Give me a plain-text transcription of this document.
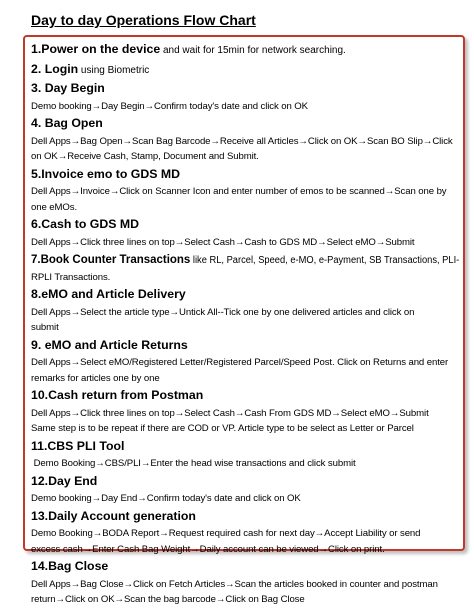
Day to day Operations Flow Chart
1.Power on the device and wait for 15min for network searching.
2. Login using Biometric
3. Day Begin
Demo booking→Day Begin→Confirm today's date and click on OK
4. Bag Open
Dell Apps→Bag Open→Scan Bag Barcode→Receive all Articles→Click on OK→Scan BO Slip→Click
on OK→Receive Cash, Stamp, Document and Submit.
5.Invoice emo to GDS MD
Dell Apps→Invoice→Click on Scanner Icon and enter number of emos to be scanned→Scan one by
one eMOs.
6.Cash to GDS MD
Dell Apps→Click three lines on top→Select Cash→Cash to GDS MD→Select eMO→Submit
7.Book Counter Transactions like RL, Parcel, Speed, e-MO, e-Payment, SB Transactions, PLI-
RPLI Transactions.
8.eMO and Article Delivery
Dell Apps→Select the article type→Untick All--Tick one by one delivered articles and click on
submit
9. eMO and Article Returns
Dell Apps→Select eMO/Registered Letter/Registered Parcel/Speed Post. Click on Returns and enter
remarks for articles one by one
10.Cash return from Postman
Dell Apps→Click three lines on top→Select Cash→Cash From GDS MD→Select eMO→Submit
Same step is to be repeat if there are COD or VP. Article type to be select as Letter or Parcel
11.CBS PLI Tool
Demo Booking→CBS/PLI→Enter the head wise transactions and click submit
12.Day End
Demo booking→Day End→Confirm today's date and click on OK
13.Daily Account generation
Demo Booking→BODA Report→Request required cash for next day→Accept Liability or send
excess cash→Enter Cash Bag Weight→Daily account can be viewed→Click on print.
14.Bag Close
Dell Apps→Bag Close→Click on Fetch Articles→Scan the articles booked in counter and postman
return→Click on OK→Scan the bag barcode→Click on Bag Close
